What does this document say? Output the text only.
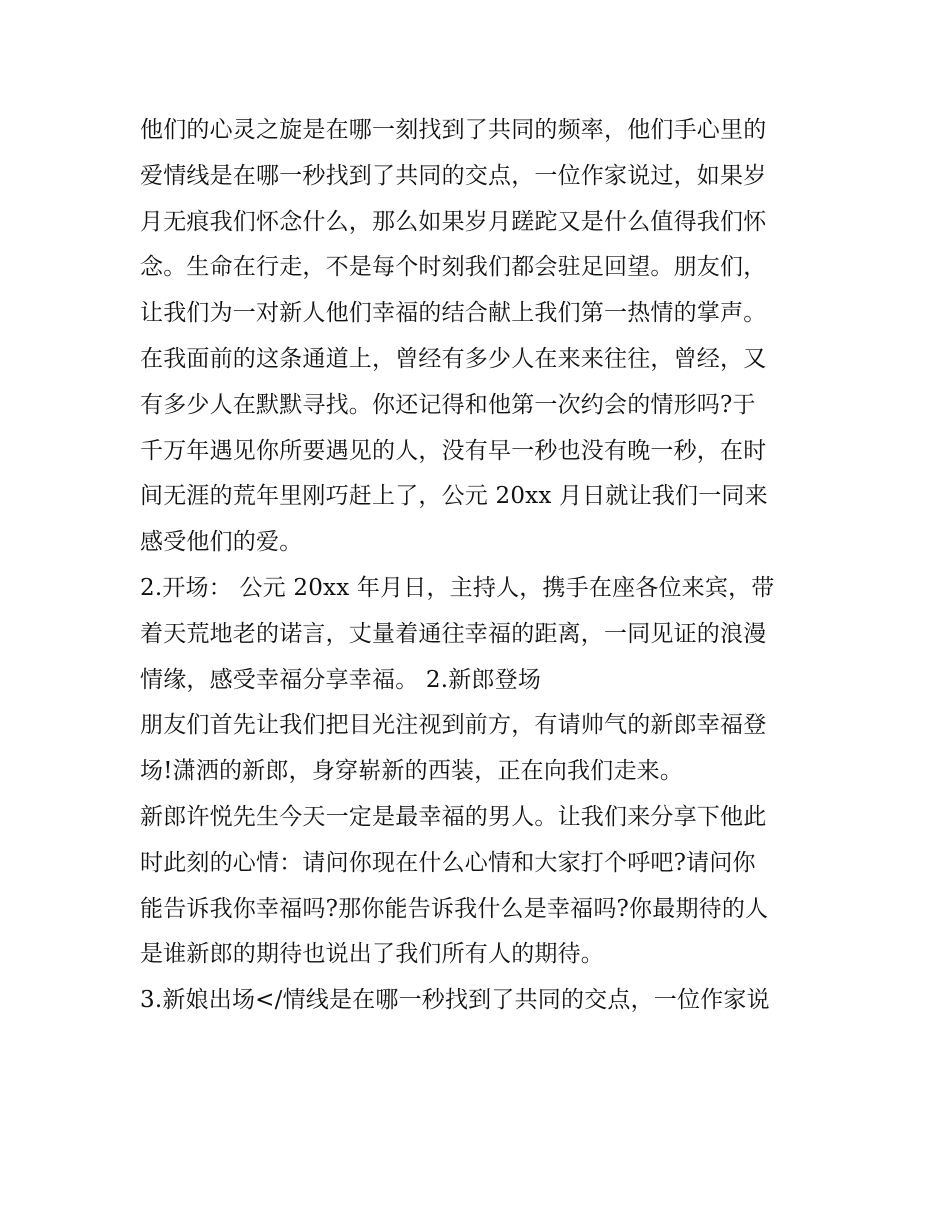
他们的心灵之旋是在哪一刻找到了共同的频率，他们手心里的
爱情线是在哪一秒找到了共同的交点，一位作家说过，如果岁
月无痕我们怀念什么，那么如果岁月蹉跎又是什么值得我们怀
念。生命在行走，不是每个时刻我们都会驻足回望。朋友们，
让我们为一对新人他们幸福的结合献上我们第一热情的掌声。
在我面前的这条通道上，曾经有多少人在来来往往，曾经，又
有多少人在默默寻找。你还记得和他第一次约会的情形吗?于
千万年遇见你所要遇见的人，没有早一秒也没有晚一秒，在时
间无涯的荒年里刚巧赶上了，公元 20xx 月日就让我们一同来
感受他们的爱。
2.开场： 公元 20xx 年月日，主持人，携手在座各位来宾，带
着天荒地老的诺言，丈量着通往幸福的距离，一同见证的浪漫
情缘，感受幸福分享幸福。 2.新郎登场
朋友们首先让我们把目光注视到前方，有请帅气的新郎幸福登
场!潇洒的新郎，身穿崭新的西装，正在向我们走来。
新郎许悦先生今天一定是最幸福的男人。让我们来分享下他此
时此刻的心情：请问你现在什么心情和大家打个呼吧?请问你
能告诉我你幸福吗?那你能告诉我什么是幸福吗?你最期待的人
是谁新郎的期待也说出了我们所有人的期待。
3.新娘出场</情线是在哪一秒找到了共同的交点，一位作家说
